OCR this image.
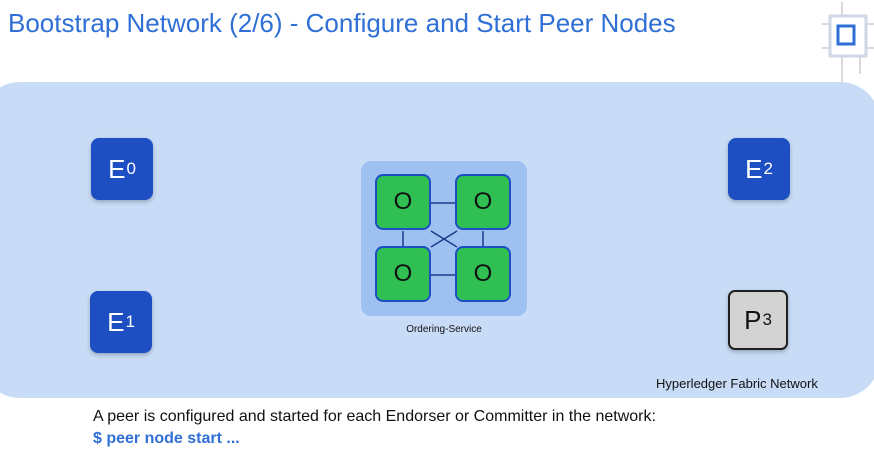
Bootstrap Network (2/6) - Configure and Start Peer Nodes
E 0
E 1
E 2
P 3
O	O
O	O
Ordering-Service
Hyperledger Fabric Network
A peer is configured and started for each Endorser or Committer in the network:
$ peer node start ...
